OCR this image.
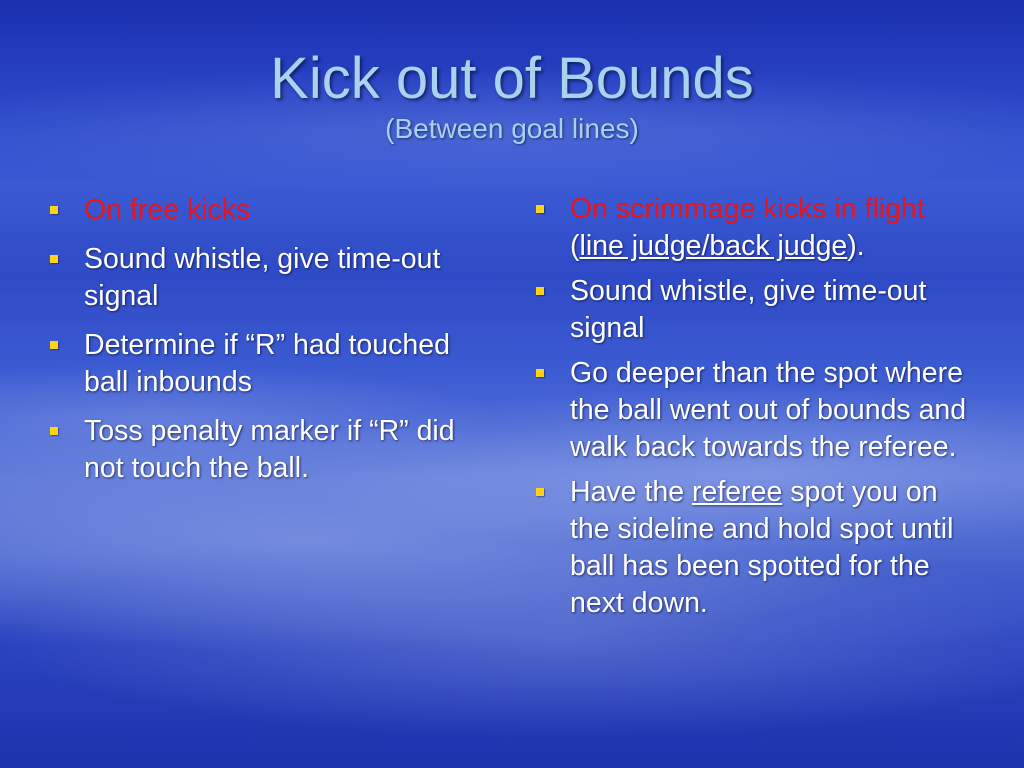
Kick out of Bounds
(Between goal lines)
On free kicks
Sound whistle, give time-out signal
Determine if “R” had touched ball inbounds
Toss penalty marker if “R” did not touch the ball.
On scrimmage kicks in flight (line judge/back judge).
Sound whistle, give time-out signal
Go deeper than the spot where the ball went out of bounds and walk back towards the referee.
Have the referee spot you on the sideline and hold spot until ball has been spotted for the next down.
